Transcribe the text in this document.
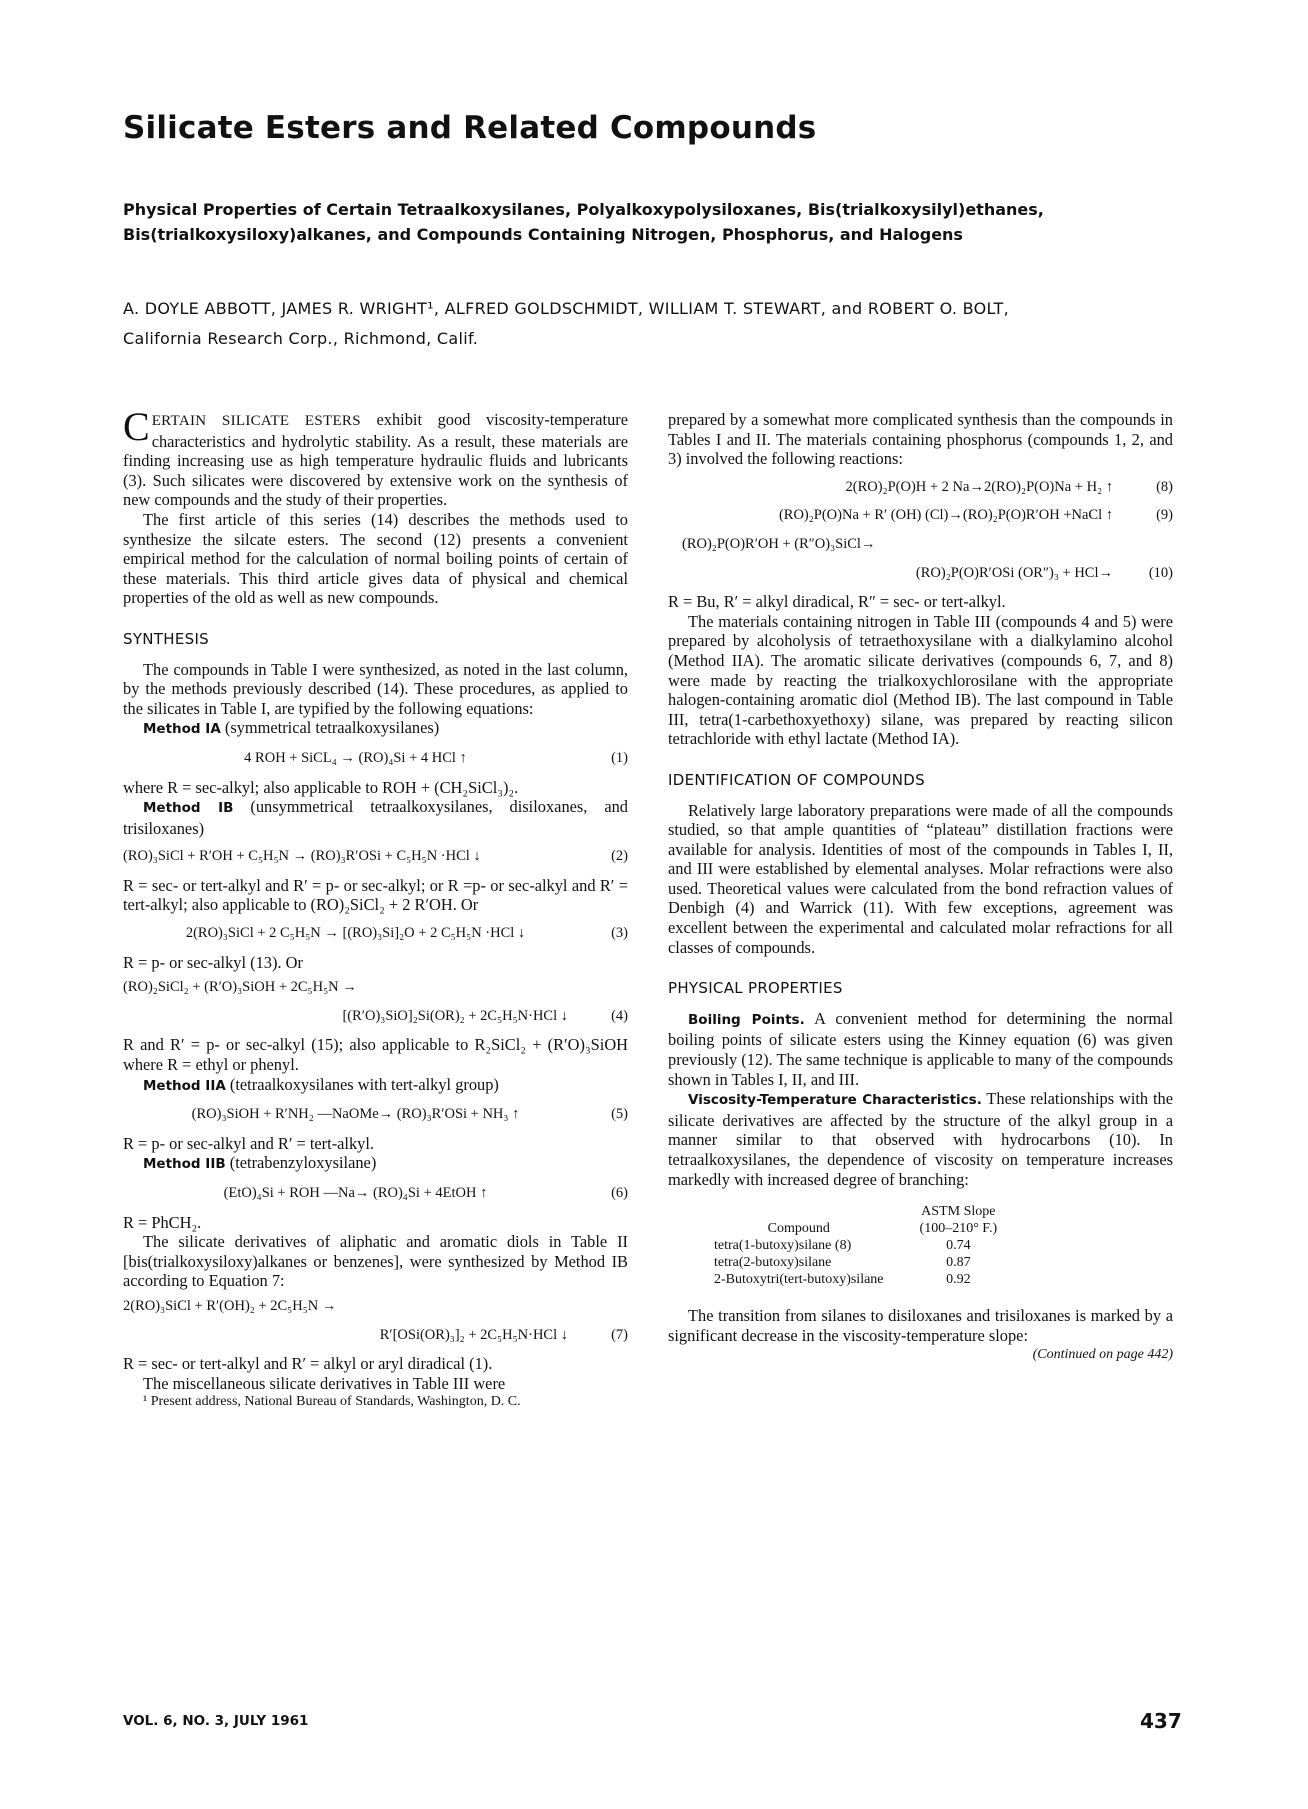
Silicate Esters and Related Compounds
Physical Properties of Certain Tetraalkoxysilanes, Polyalkoxypolysiloxanes, Bis(trialkoxysilyl)ethanes,
Bis(trialkoxysiloxy)alkanes, and Compounds Containing Nitrogen, Phosphorus, and Halogens
A. DOYLE ABBOTT, JAMES R. WRIGHT¹, ALFRED GOLDSCHMIDT, WILLIAM T. STEWART, and ROBERT O. BOLT,
California Research Corp., Richmond, Calif.

CERTAIN SILICATE ESTERS exhibit good viscosity-temperature characteristics and hydrolytic stability. As a result, these materials are finding increasing use as high temperature hydraulic fluids and lubricants (3). Such silicates were discovered by extensive work on the synthesis of new compounds and the study of their properties.

The first article of this series (14) describes the methods used to synthesize the silcate esters. The second (12) presents a convenient empirical method for the calculation of normal boiling points of certain of these materials. This third article gives data of physical and chemical properties of the old as well as new compounds.

SYNTHESIS

The compounds in Table I were synthesized, as noted in the last column, by the methods previously described (14). These procedures, as applied to the silicates in Table I, are typified by the following equations:

Method IA (symmetrical tetraalkoxysilanes)

4 ROH + SiCL₄ → (RO)₄Si + 4 HCl ↑	(1)

where R = sec-alkyl; also applicable to ROH + (CH₂SiCl₃)₂.

Method IB (unsymmetrical tetraalkoxysilanes, disiloxanes, and trisiloxanes)

(RO)₃SiCl + R′OH + C₅H₅N → (RO)₃R′OSi + C₅H₅N ·HCl ↓	(2)

R = sec- or tert-alkyl and R′ = p- or sec-alkyl; or R =p- or sec-alkyl and R′ = tert-alkyl; also applicable to (RO)₂SiCl₂ + 2 R′OH. Or

2(RO)₃SiCl + 2 C₅H₅N → [(RO)₃Si]₂O + 2 C₅H₅N ·HCl ↓	(3)

R = p- or sec-alkyl (13). Or

(RO)₂SiCl₂ + (R′O)₃SiOH + 2C₅H₅N →
[(R′O)₃SiO]₂Si(OR)₂ + 2C₅H₅N·HCl ↓	(4)

R and R′ = p- or sec-alkyl (15); also applicable to R₂SiCl₂ + (R′O)₃SiOH where R = ethyl or phenyl.

Method IIA (tetraalkoxysilanes with tert-alkyl group)

(RO)₃SiOH + R′NH₂ —NaOMe→ (RO)₃R′OSi + NH₃ ↑	(5)

R = p- or sec-alkyl and R′ = tert-alkyl.

Method IIB (tetrabenzyloxysilane)

(EtO)₄Si + ROH —Na→ (RO)₄Si + 4EtOH ↑	(6)

R = PhCH₂.

The silicate derivatives of aliphatic and aromatic diols in Table II [bis(trialkoxysiloxy)alkanes or benzenes], were synthesized by Method IB according to Equation 7:

2(RO)₃SiCl + R′(OH)₂ + 2C₅H₅N →
R′[OSi(OR)₃]₂ + 2C₅H₅N·HCl ↓	(7)

R = sec- or tert-alkyl and R′ = alkyl or aryl diradical (1).

The miscellaneous silicate derivatives in Table III were

¹ Present address, National Bureau of Standards, Washington, D. C.

prepared by a somewhat more complicated synthesis than the compounds in Tables I and II. The materials containing phosphorus (compounds 1, 2, and 3) involved the following reactions:

2(RO)₂P(O)H + 2 Na→2(RO)₂P(O)Na + H₂ ↑	(8)
(RO)₂P(O)Na + R′ (OH) (Cl)→(RO)₂P(O)R′OH +NaCl ↑	(9)
(RO)₂P(O)R′OH + (R″O)₃SiCl→
(RO)₂P(O)R′OSi (OR″)₃ + HCl→	(10)

R = Bu, R′ = alkyl diradical, R″ = sec- or tert-alkyl.

The materials containing nitrogen in Table III (compounds 4 and 5) were prepared by alcoholysis of tetraethoxysilane with a dialkylamino alcohol (Method IIA). The aromatic silicate derivatives (compounds 6, 7, and 8) were made by reacting the trialkoxychlorosilane with the appropriate halogen-containing aromatic diol (Method IB). The last compound in Table III, tetra(1-carbethoxyethoxy) silane, was prepared by reacting silicon tetrachloride with ethyl lactate (Method IA).

IDENTIFICATION OF COMPOUNDS

Relatively large laboratory preparations were made of all the compounds studied, so that ample quantities of “plateau” distillation fractions were available for analysis. Identities of most of the compounds in Tables I, II, and III were established by elemental analyses. Molar refractions were also used. Theoretical values were calculated from the bond refraction values of Denbigh (4) and Warrick (11). With few exceptions, agreement was excellent between the experimental and calculated molar refractions for all classes of compounds.

PHYSICAL PROPERTIES

Boiling Points. A convenient method for determining the normal boiling points of silicate esters using the Kinney equation (6) was given previously (12). The same technique is applicable to many of the compounds shown in Tables I, II, and III.

Viscosity-Temperature Characteristics. These relationships with the silicate derivatives are affected by the structure of the alkyl group in a manner similar to that observed with hydrocarbons (10). In tetraalkoxysilanes, the dependence of viscosity on temperature increases markedly with increased degree of branching:

	ASTM Slope
Compound	(100–210° F.)
tetra(1-butoxy)silane (8)	0.74
tetra(2-butoxy)silane	0.87
2-Butoxytri(tert-butoxy)silane	0.92

The transition from silanes to disiloxanes and trisiloxanes is marked by a significant decrease in the viscosity-temperature slope:

(Continued on page 442)

VOL. 6, NO. 3, JULY 1961	437
